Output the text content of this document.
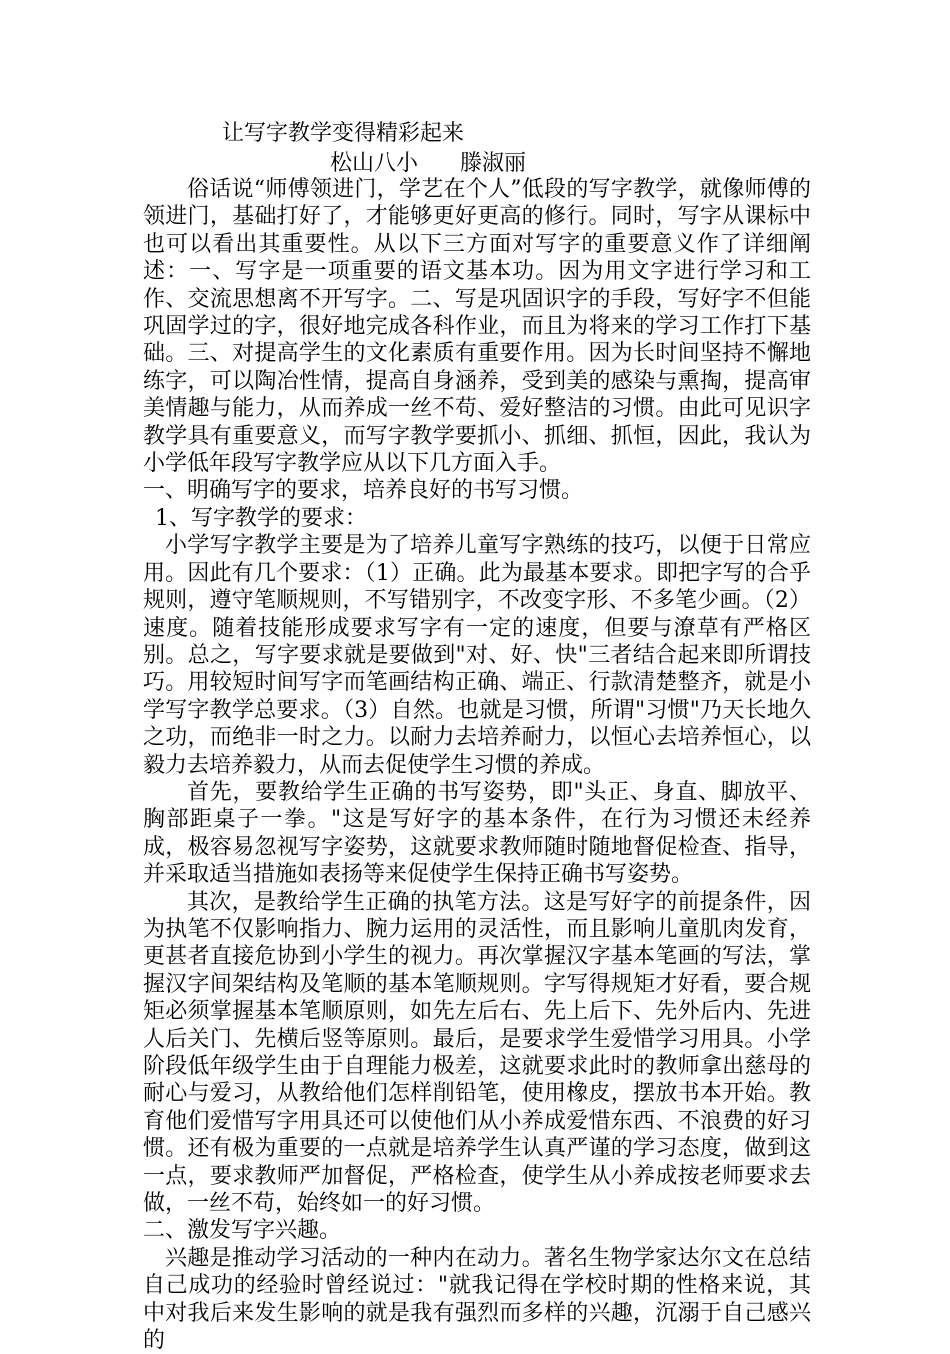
让写字教学变得精彩起来
松山八小 滕淑丽

俗话说“师傅领进门，学艺在个人”低段的写字教学，就像师傅的领进门，基础打好了，才能够更好更高的修行。同时，写字从课标中也可以看出其重要性。从以下三方面对写字的重要意义作了详细阐述：一、写字是一项重要的语文基本功。因为用文字进行学习和工作、交流思想离不开写字。二、写是巩固识字的手段，写好字不但能巩固学过的字，很好地完成各科作业，而且为将来的学习工作打下基础。三、对提高学生的文化素质有重要作用。因为长时间坚持不懈地练字，可以陶冶性情，提高自身涵养，受到美的感染与熏掏，提高审美情趣与能力，从而养成一丝不苟、爱好整洁的习惯。由此可见识字教学具有重要意义，而写字教学要抓小、抓细、抓恒，因此，我认为小学低年段写字教学应从以下几方面入手。

一、明确写字的要求，培养良好的书写习惯。

1、写字教学的要求：

小学写字教学主要是为了培养儿童写字熟练的技巧，以便于日常应用。因此有几个要求：（1）正确。此为最基本要求。即把字写的合乎规则，遵守笔顺规则，不写错别字，不改变字形、不多笔少画。（2）速度。随着技能形成要求写字有一定的速度，但要与潦草有严格区别。总之，写字要求就是要做到"对、好、快"三者结合起来即所谓技巧。用较短时间写字而笔画结构正确、端正、行款清楚整齐，就是小学写字教学总要求。（3）自然。也就是习惯，所谓"习惯"乃天长地久之功，而绝非一时之力。以耐力去培养耐力，以恒心去培养恒心，以毅力去培养毅力，从而去促使学生习惯的养成。

首先，要教给学生正确的书写姿势，即"头正、身直、脚放平、胸部距桌子一拳。"这是写好字的基本条件，在行为习惯还未经养成，极容易忽视写字姿势，这就要求教师随时随地督促检查、指导，并采取适当措施如表扬等来促使学生保持正确书写姿势。

其次，是教给学生正确的执笔方法。这是写好字的前提条件，因为执笔不仅影响指力、腕力运用的灵活性，而且影响儿童肌肉发育，更甚者直接危协到小学生的视力。再次掌握汉字基本笔画的写法，掌握汉字间架结构及笔顺的基本笔顺规则。字写得规矩才好看，要合规矩必须掌握基本笔顺原则，如先左后右、先上后下、先外后内、先进人后关门、先横后竖等原则。最后，是要求学生爱惜学习用具。小学阶段低年级学生由于自理能力极差，这就要求此时的教师拿出慈母的耐心与爱习，从教给他们怎样削铅笔，使用橡皮，摆放书本开始。教育他们爱惜写字用具还可以使他们从小养成爱惜东西、不浪费的好习惯。还有极为重要的一点就是培养学生认真严谨的学习态度，做到这一点，要求教师严加督促，严格检查，使学生从小养成按老师要求去做，一丝不苟，始终如一的好习惯。

二、激发写字兴趣。

兴趣是推动学习活动的一种内在动力。著名生物学家达尔文在总结自己成功的经验时曾经说过："就我记得在学校时期的性格来说，其中对我后来发生影响的就是我有强烈而多样的兴趣，沉溺于自己感兴的
